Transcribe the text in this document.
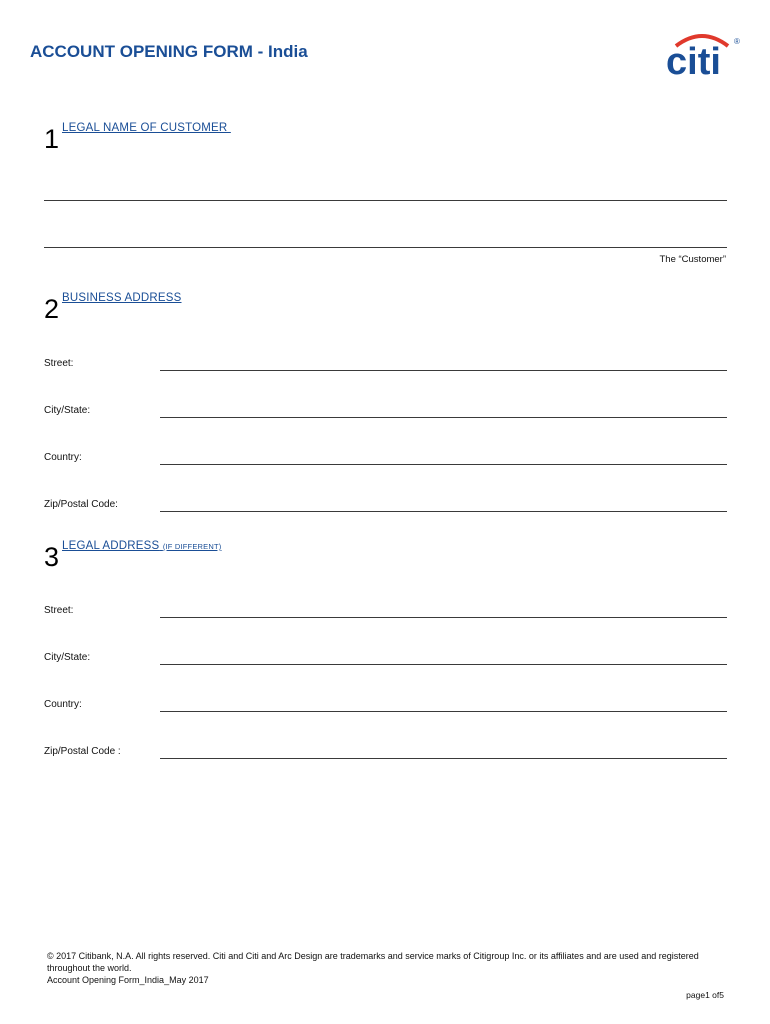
ACCOUNT OPENING FORM - India	citi ®
1 LEGAL NAME OF CUSTOMER
The “Customer”
2 BUSINESS ADDRESS
Street:
City/State:
Country:
Zip/Postal Code:
3 LEGAL ADDRESS (IF DIFFERENT)
Street:
City/State:
Country:
Zip/Postal Code :
© 2017 Citibank, N.A. All rights reserved. Citi and Citi and Arc Design are trademarks and service marks of Citigroup Inc. or its affiliates and are used and registered throughout the world.
Account Opening Form_India_May 2017
page1 of5
